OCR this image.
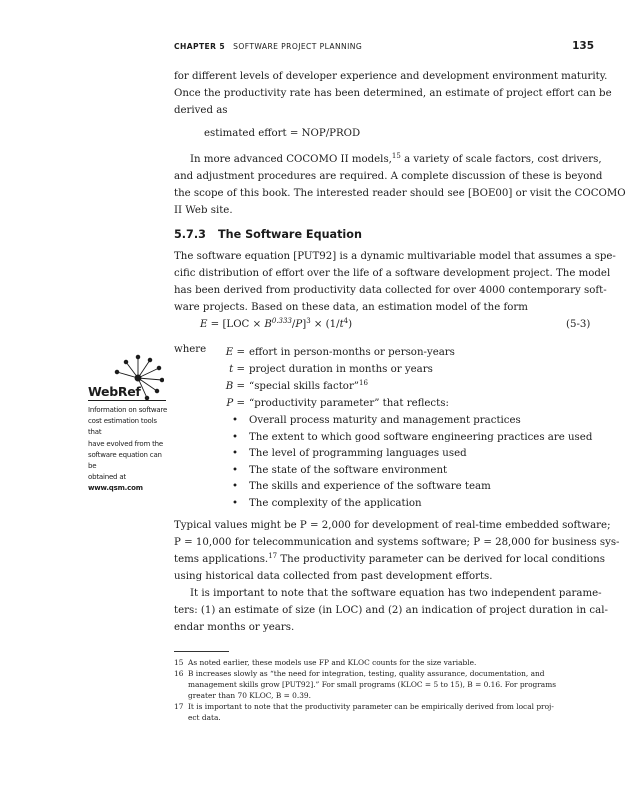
CHAPTER 5 SOFTWARE PROJECT PLANNING	135

for different levels of developer experience and development environment maturity.

Once the productivity rate has been determined, an estimate of project effort can be

derived as

estimated effort = NOP/PROD

In more advanced COCOMO II models,$^{15}$ a variety of scale factors, cost drivers,

and adjustment procedures are required. A complete discussion of these is beyond

the scope of this book. The interested reader should see [BOE00] or visit the COCOMO

II Web site.

5.7.3 The Software Equation

The software equation [PUT92] is a dynamic multivariable model that assumes a spe-

cific distribution of effort over the life of a software development project. The model

has been derived from productivity data collected for over 4000 contemporary soft-

ware projects. Based on these data, an estimation model of the form

$E = [LOC \times B^{0.333}/P]^3 \times (1/t^4)$	(5-3)
where	E = effort in person-months or person-years
t = project duration in months or years
B = “special skills factor”$^{16}$
P = “productivity parameter” that reflects:
• Overall process maturity and management practices
• The extent to which good software engineering practices are used
• The level of programming languages used
• The state of the software environment
• The skills and experience of the software team
• The complexity of the application

Typical values might be P = 2,000 for development of real-time embedded software;

P = 10,000 for telecommunication and systems software; P = 28,000 for business sys-

tems applications.$^{17}$ The productivity parameter can be derived for local conditions

using historical data collected from past development efforts.

It is important to note that the software equation has two independent parame-

ters: (1) an estimate of size (in LOC) and (2) an indication of project duration in cal-

endar months or years.

WebRef
Information on software
cost estimation tools that
have evolved from the
software equation can be
obtained at
www.qsm.com
15 As noted earlier, these models use FP and KLOC counts for the size variable.
16 B increases slowly as “the need for integration, testing, quality assurance, documentation, and
management skills grow [PUT92].” For small programs (KLOC = 5 to 15), B = 0.16. For programs
greater than 70 KLOC, B = 0.39.
17 It is important to note that the productivity parameter can be empirically derived from local proj-
ect data.
